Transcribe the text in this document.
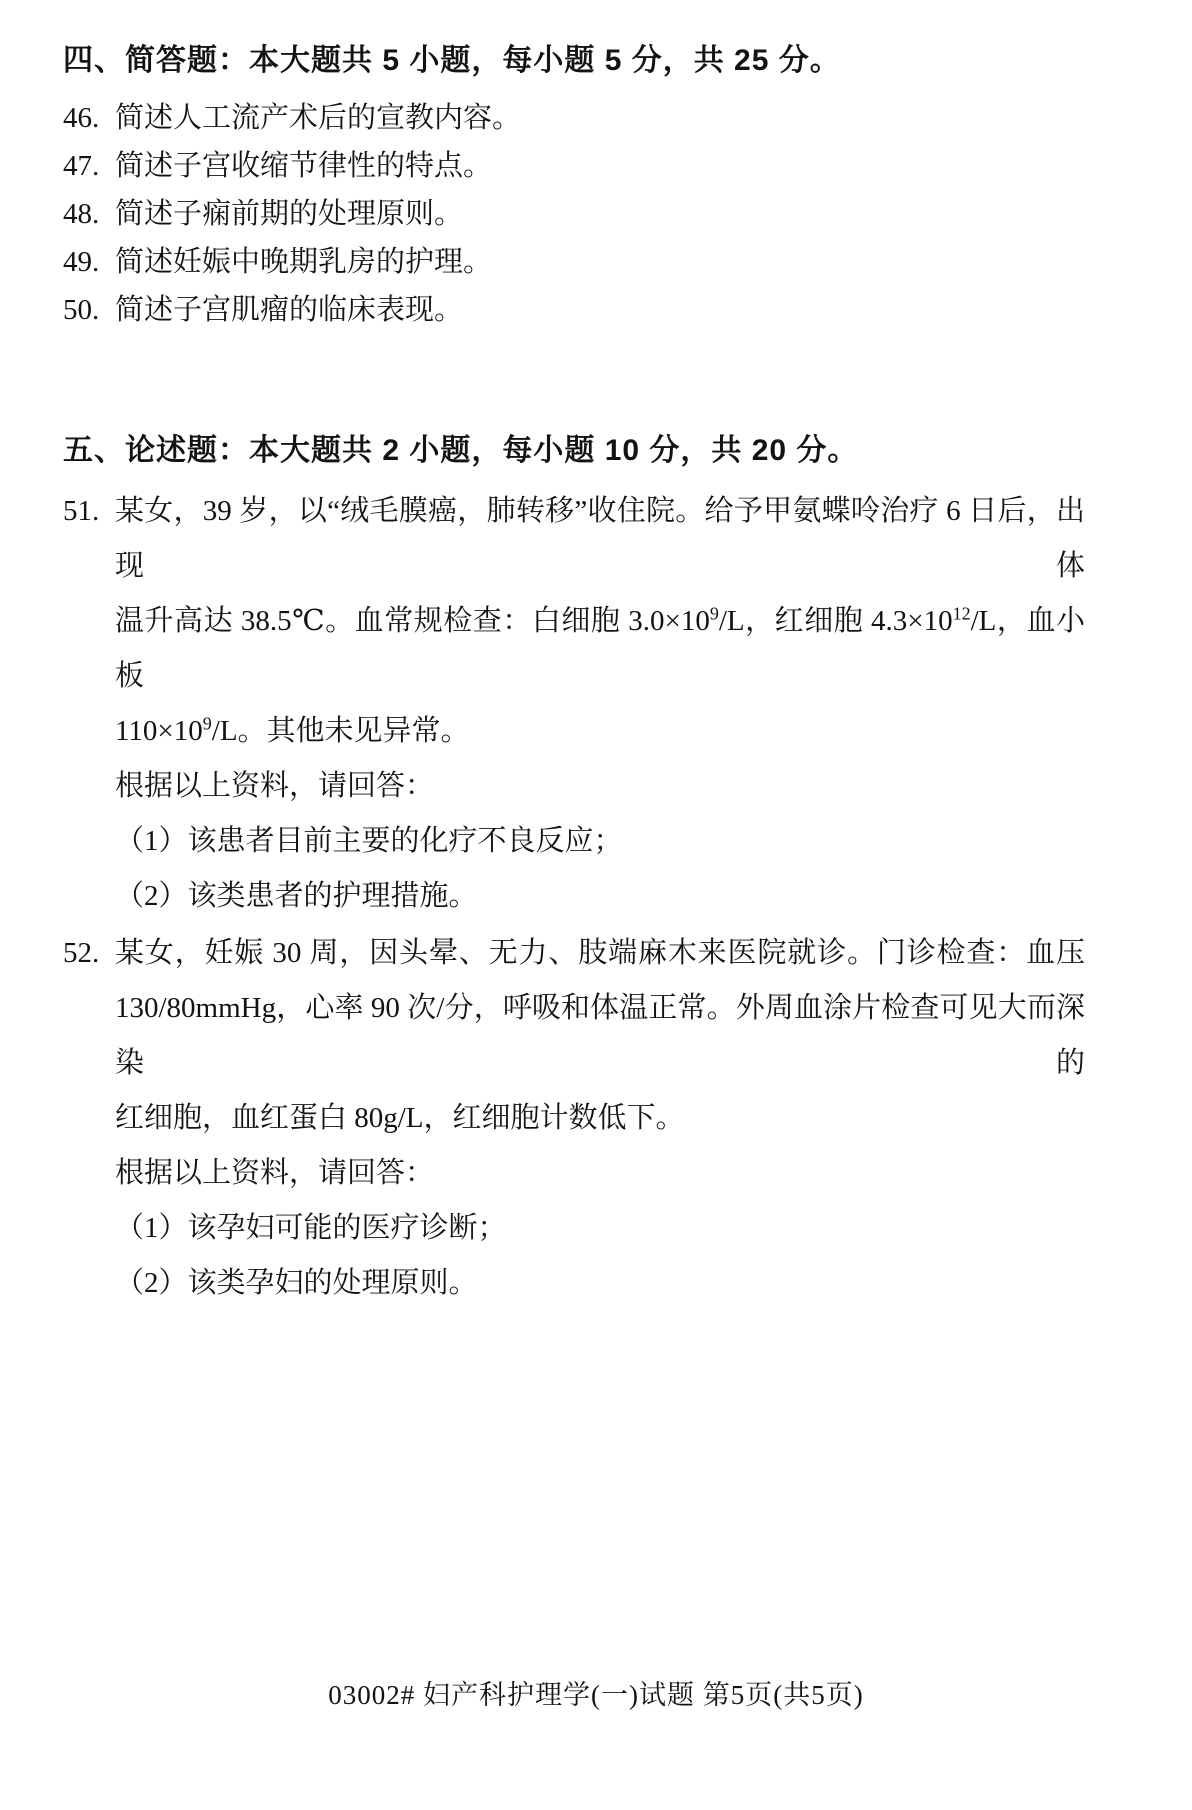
四、简答题：本大题共 5 小题，每小题 5 分，共 25 分。
46. 简述人工流产术后的宣教内容。
47. 简述子宫收缩节律性的特点。
48. 简述子痫前期的处理原则。
49. 简述妊娠中晚期乳房的护理。
50. 简述子宫肌瘤的临床表现。
五、论述题：本大题共 2 小题，每小题 10 分，共 20 分。
51. 某女，39 岁，以“绒毛膜癌，肺转移”收住院。给予甲氨蝶呤治疗 6 日后，出现体
温升高达 38.5℃。血常规检查：白细胞 $3.0\times 10^9/L$，红细胞 $4.3\times 10^{12}/L$，血小板
$110\times 10^9/L$。其他未见异常。
根据以上资料，请回答：
（1）该患者目前主要的化疗不良反应；
（2）该类患者的护理措施。
52. 某女，妊娠 30 周，因头晕、无力、肢端麻木来医院就诊。门诊检查：血压
130/80mmHg，心率 90 次/分，呼吸和体温正常。外周血涂片检查可见大而深染的
红细胞，血红蛋白 80g/L，红细胞计数低下。
根据以上资料，请回答：
（1）该孕妇可能的医疗诊断；
（2）该类孕妇的处理原则。
03002# 妇产科护理学(一)试题 第5页(共5页)
